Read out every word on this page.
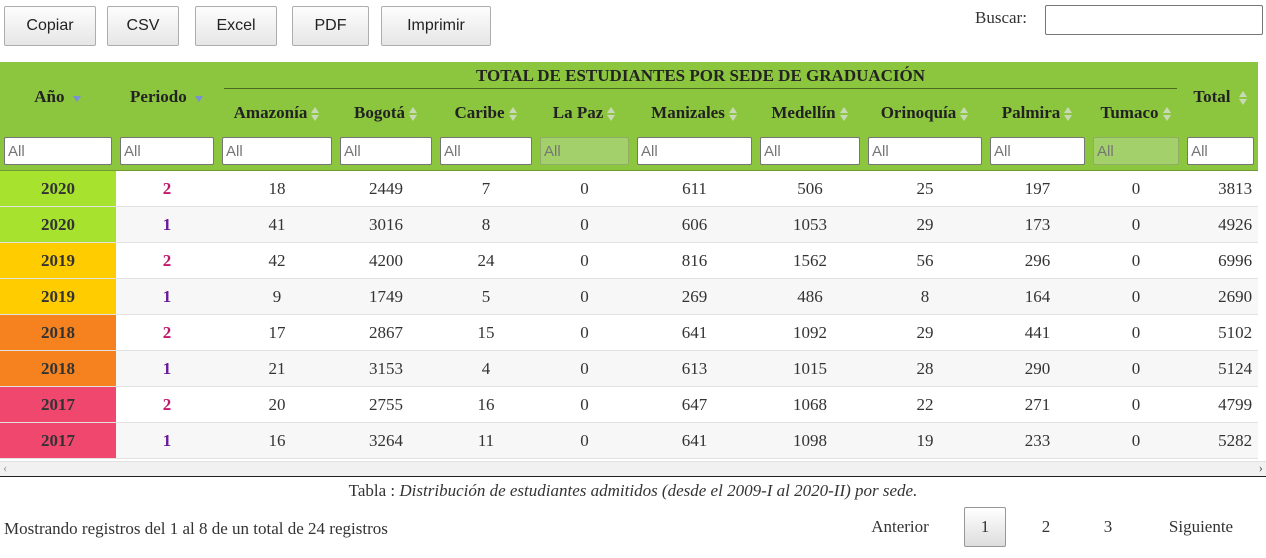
Copiar	CSV	Excel	PDF	Imprimir	Buscar:
Año	Periodo	TOTAL DE ESTUDIANTES POR SEDE DE GRADUACIÓN									Total
		Amazonía	Bogotá	Caribe	La Paz	Manizales	Medellín	Orinoquía	Palmira	Tumaco	
All	All	All	All	All	All	All	All	All	All	All	All
2020	2	18	2449	7	0	611	506	25	197	0	3813
2020	1	41	3016	8	0	606	1053	29	173	0	4926
2019	2	42	4200	24	0	816	1562	56	296	0	6996
2019	1	9	1749	5	0	269	486	8	164	0	2690
2018	2	17	2867	15	0	641	1092	29	441	0	5102
2018	1	21	3153	4	0	613	1015	28	290	0	5124
2017	2	20	2755	16	0	647	1068	22	271	0	4799
2017	1	16	3264	11	0	641	1098	19	233	0	5282
‹	›
Tabla : Distribución de estudiantes admitidos (desde el 2009-I al 2020-II) por sede.
Mostrando registros del 1 al 8 de un total de 24 registros	Anterior	1	2	3	Siguiente
